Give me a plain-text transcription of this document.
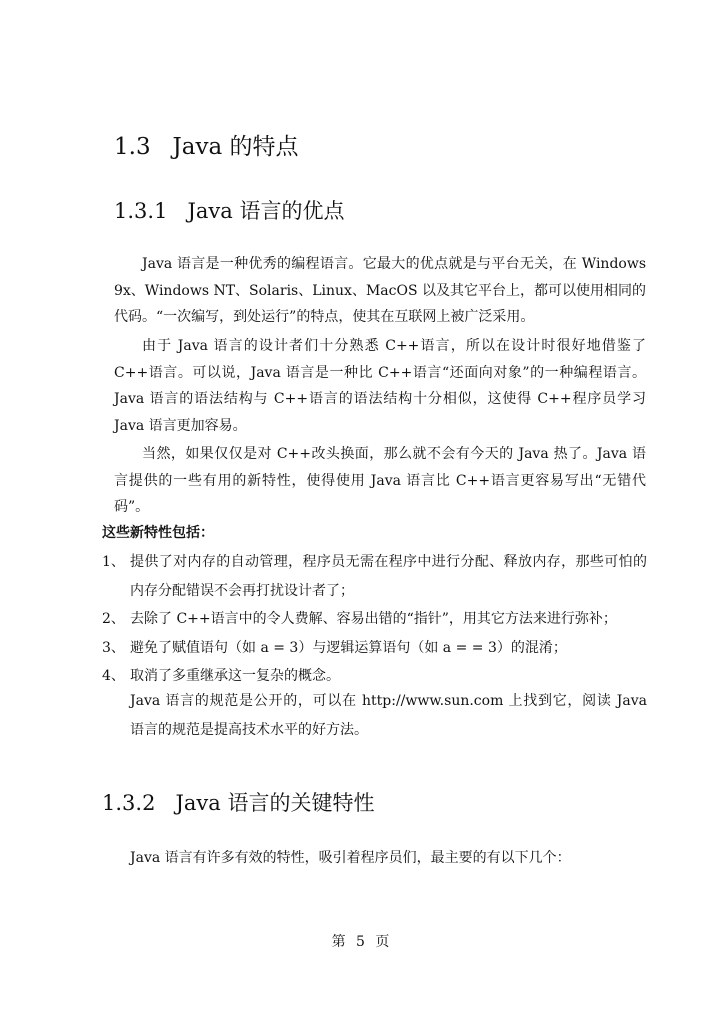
1.3 Java 的特点
1.3.1 Java 语言的优点

Java 语言是一种优秀的编程语言。它最大的优点就是与平台无关，在 Windows 9x、Windows NT、Solaris、Linux、MacOS 以及其它平台上，都可以使用相同的代码。“一次编写，到处运行”的特点，使其在互联网上被广泛采用。

由于 Java 语言的设计者们十分熟悉 C++语言，所以在设计时很好地借鉴了 C++语言。可以说，Java 语言是一种比 C++语言“还面向对象”的一种编程语言。Java 语言的语法结构与 C++语言的语法结构十分相似，这使得 C++程序员学习 Java 语言更加容易。

当然，如果仅仅是对 C++改头换面，那么就不会有今天的 Java 热了。Java 语言提供的一些有用的新特性，使得使用 Java 语言比 C++语言更容易写出“无错代码”。

这些新特性包括：

1、 提供了对内存的自动管理，程序员无需在程序中进行分配、释放内存，那些可怕的内存分配错误不会再打扰设计者了；
2、 去除了 C++语言中的令人费解、容易出错的“指针”，用其它方法来进行弥补；
3、 避免了赋值语句（如 a = 3）与逻辑运算语句（如 a = = 3）的混淆；
4、 取消了多重继承这一复杂的概念。

Java 语言的规范是公开的，可以在 http://www.sun.com 上找到它，阅读 Java 语言的规范是提高技术水平的好方法。

1.3.2 Java 语言的关键特性

Java 语言有许多有效的特性，吸引着程序员们，最主要的有以下几个：

第 5 页
